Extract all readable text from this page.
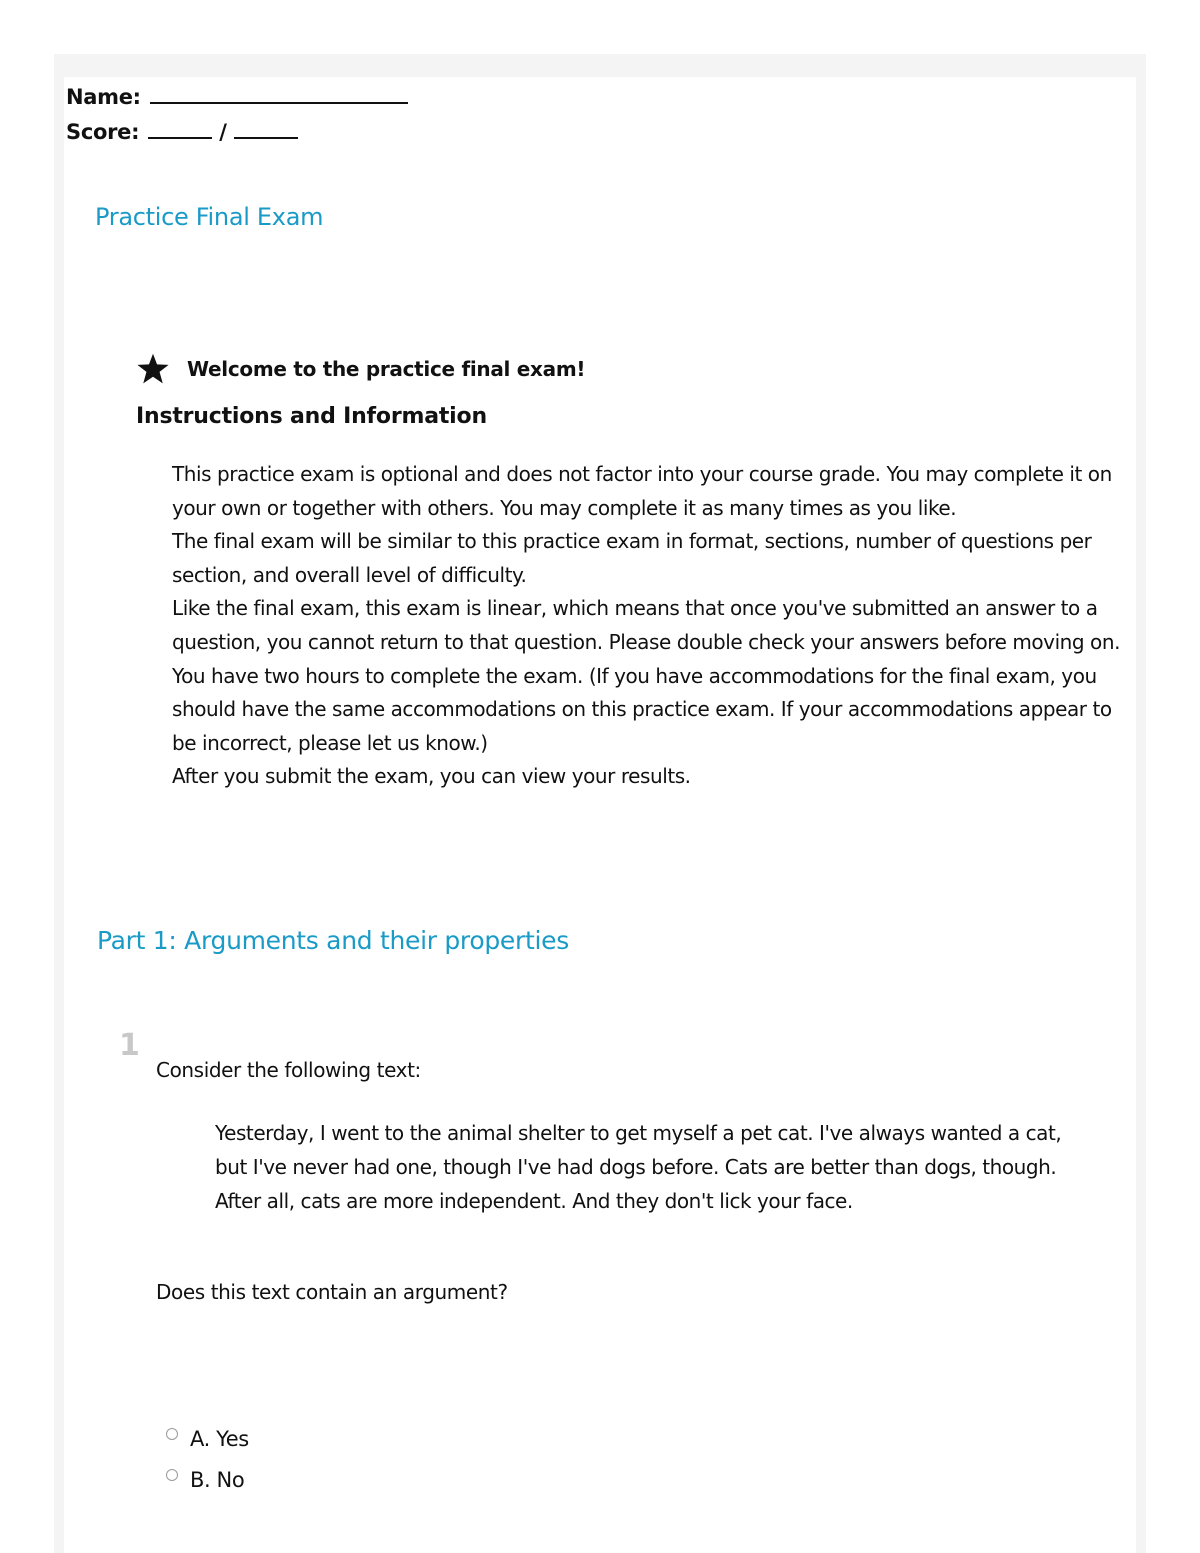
Name:
Score:	/
Practice Final Exam
Welcome to the practice final exam!
Instructions and Information

This practice exam is optional and does not factor into your course grade. You may complete it on your own or together with others. You may complete it as many times as you like.

The final exam will be similar to this practice exam in format, sections, number of questions per section, and overall level of difficulty.

Like the final exam, this exam is linear, which means that once you've submitted an answer to a question, you cannot return to that question. Please double check your answers before moving on.

You have two hours to complete the exam. (If you have accommodations for the final exam, you should have the same accommodations on this practice exam. If your accommodations appear to be incorrect, please let us know.)

After you submit the exam, you can view your results.

Part 1: Arguments and their properties
1
Consider the following text:
Yesterday, I went to the animal shelter to get myself a pet cat. I've always wanted a cat, but I've never had one, though I've had dogs before. Cats are better than dogs, though. After all, cats are more independent. And they don't lick your face.
Does this text contain an argument?
A. Yes
B. No
